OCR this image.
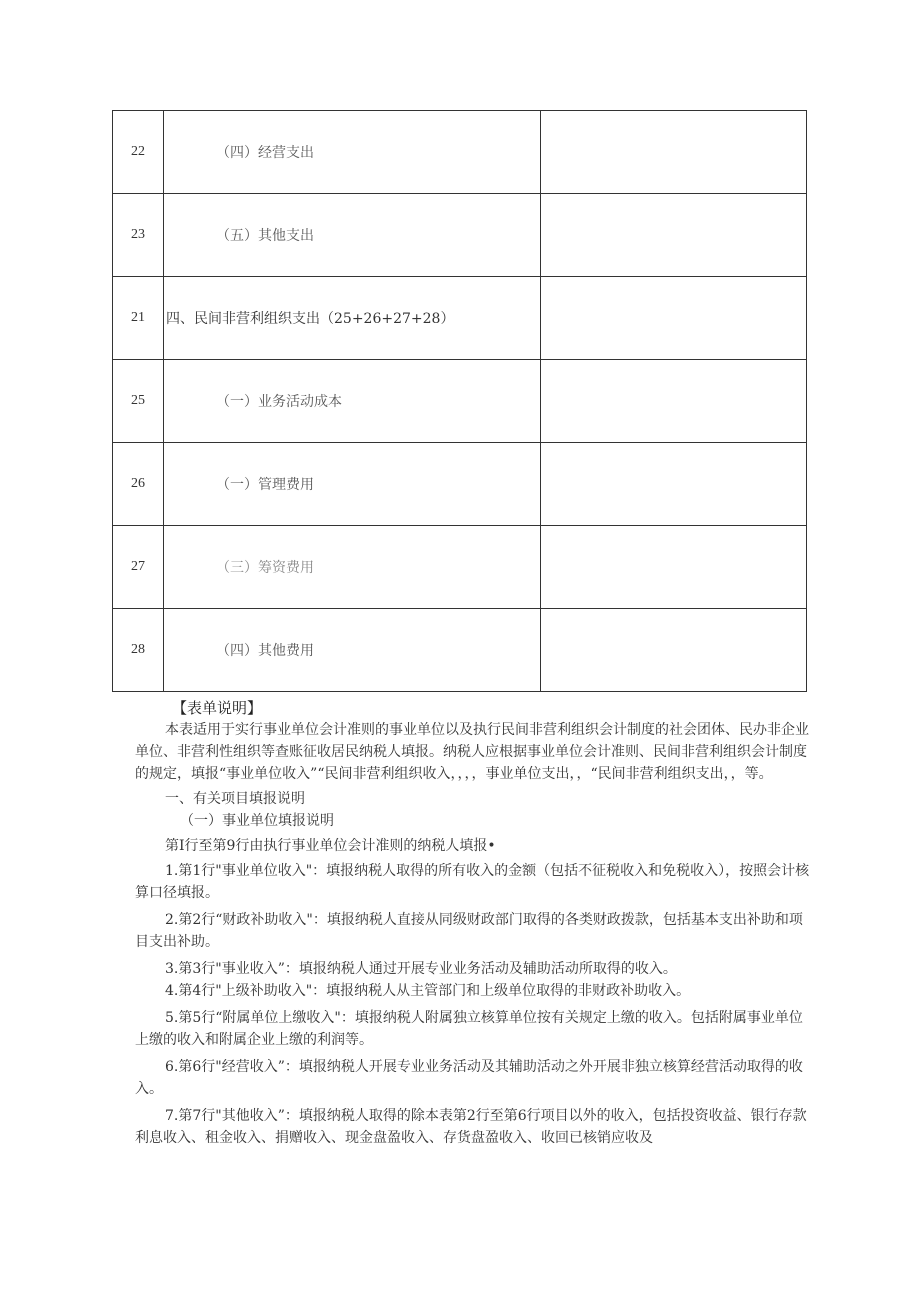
22	（四）经营支出	

23	（五）其他支出	

21	四、民间非营利组织支出（25+26+27+28）	

25	（一）业务活动成本	

26	（一）管理费用	

27	（三）筹资费用	

28	（四）其他费用	

【表单说明】

本表适用于实行事业单位会计准则的事业单位以及执行民间非营利组织会计制度的社会团体、民办非企业单位、非营利性组织等查账征收居民纳税人填报。纳税人应根据事业单位会计准则、民间非营利组织会计制度的规定，填报“事业单位收入”“民间非营利组织收入，，，，事业单位支出，，“民间非营利组织支出，，等。

一、有关项目填报说明

（一）事业单位填报说明

第I行至第9行由执行事业单位会计准则的纳税人填报•

1.第1行"事业单位收入"：填报纳税人取得的所有收入的金额（包括不征税收入和免税收入），按照会计核算口径填报。

2.第2行“财政补助收入"：填报纳税人直接从同级财政部门取得的各类财政拨款，包括基本支出补助和项目支出补助。

3.第3行"事业收入”：填报纳税人通过开展专业业务活动及辅助活动所取得的收入。

4.第4行"上级补助收入"：填报纳税人从主管部门和上级单位取得的非财政补助收入。

5.第5行“附属单位上缴收入"：填报纳税人附属独立核算单位按有关规定上缴的收入。包括附属事业单位上缴的收入和附属企业上缴的利润等。

6.第6行"经营收入”：填报纳税人开展专业业务活动及其辅助活动之外开展非独立核算经营活动取得的收入。

7.第7行"其他收入”：填报纳税人取得的除本表第2行至第6行项目以外的收入，包括投资收益、银行存款利息收入、租金收入、捐赠收入、现金盘盈收入、存货盘盈收入、收回已核销应收及
